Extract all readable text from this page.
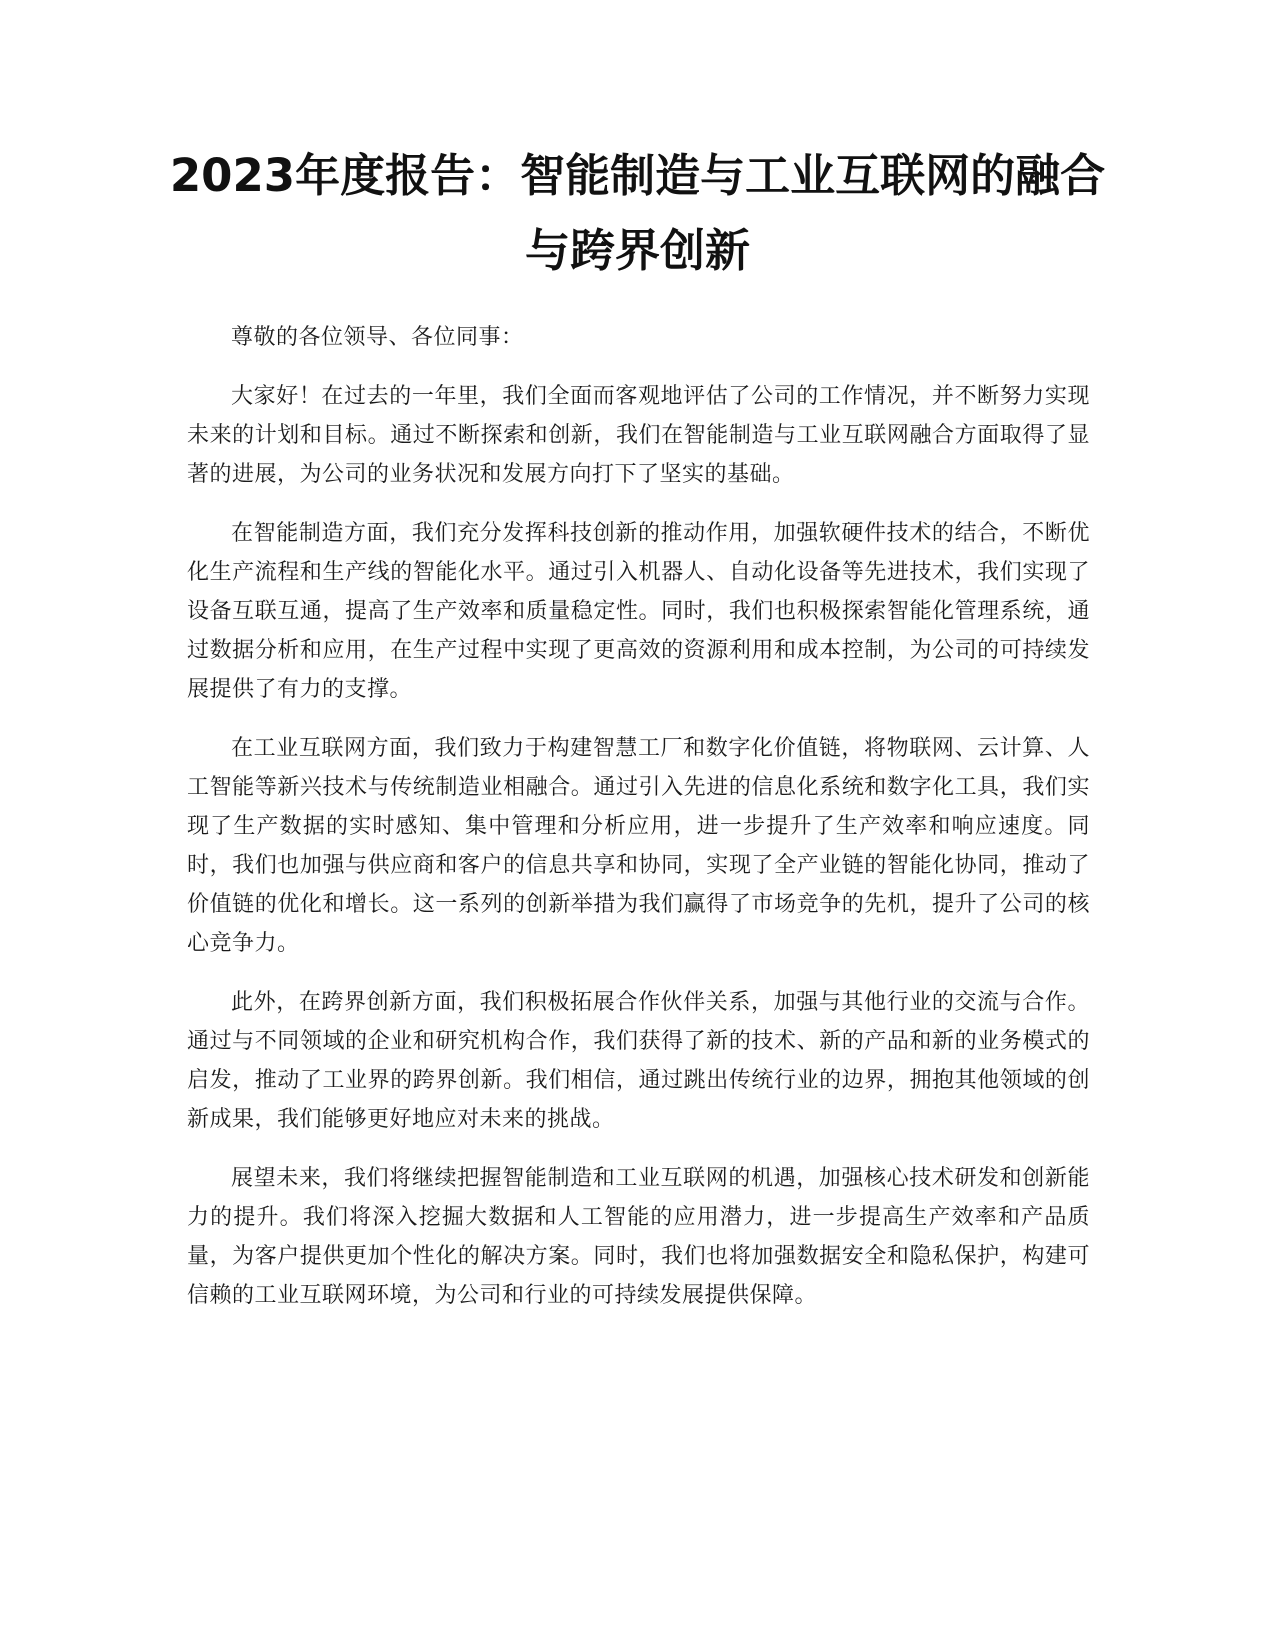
2023年度报告：智能制造与工业互联网的融合与跨界创新

尊敬的各位领导、各位同事：

大家好！在过去的一年里，我们全面而客观地评估了公司的工作情况，并不断努力实现未来的计划和目标。通过不断探索和创新，我们在智能制造与工业互联网融合方面取得了显著的进展，为公司的业务状况和发展方向打下了坚实的基础。

在智能制造方面，我们充分发挥科技创新的推动作用，加强软硬件技术的结合，不断优化生产流程和生产线的智能化水平。通过引入机器人、自动化设备等先进技术，我们实现了设备互联互通，提高了生产效率和质量稳定性。同时，我们也积极探索智能化管理系统，通过数据分析和应用，在生产过程中实现了更高效的资源利用和成本控制，为公司的可持续发展提供了有力的支撑。

在工业互联网方面，我们致力于构建智慧工厂和数字化价值链，将物联网、云计算、人工智能等新兴技术与传统制造业相融合。通过引入先进的信息化系统和数字化工具，我们实现了生产数据的实时感知、集中管理和分析应用，进一步提升了生产效率和响应速度。同时，我们也加强与供应商和客户的信息共享和协同，实现了全产业链的智能化协同，推动了价值链的优化和增长。这一系列的创新举措为我们赢得了市场竞争的先机，提升了公司的核心竞争力。

此外，在跨界创新方面，我们积极拓展合作伙伴关系，加强与其他行业的交流与合作。通过与不同领域的企业和研究机构合作，我们获得了新的技术、新的产品和新的业务模式的启发，推动了工业界的跨界创新。我们相信，通过跳出传统行业的边界，拥抱其他领域的创新成果，我们能够更好地应对未来的挑战。

展望未来，我们将继续把握智能制造和工业互联网的机遇，加强核心技术研发和创新能力的提升。我们将深入挖掘大数据和人工智能的应用潜力，进一步提高生产效率和产品质量，为客户提供更加个性化的解决方案。同时，我们也将加强数据安全和隐私保护，构建可信赖的工业互联网环境，为公司和行业的可持续发展提供保障。
